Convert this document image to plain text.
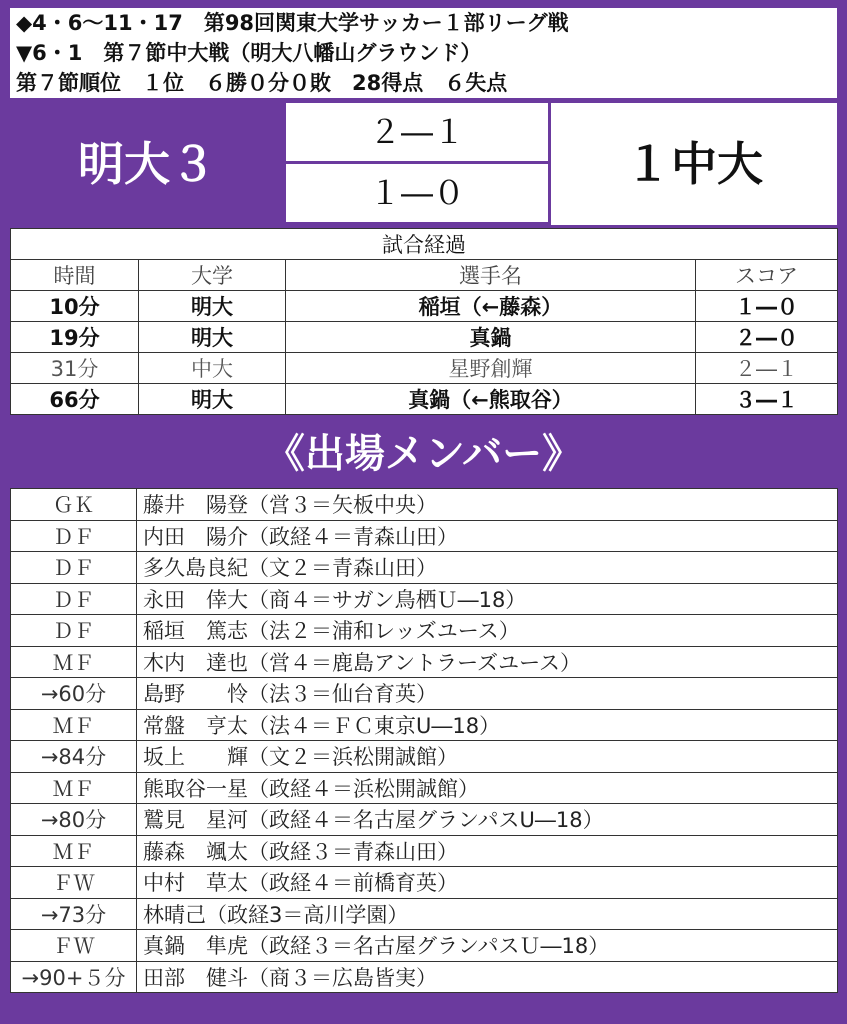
◆4・6〜11・17　第98回関東大学サッカー１部リーグ戦
▼6・1　第７節中大戦（明大八幡山グラウンド）
第７節順位　１位　６勝０分０敗　28得点　６失点
明大３
２―１
１―０
１中大
試合経過			
時間	大学	選手名	スコア
10分	明大	稲垣（←藤森）	１―０
19分	明大	真鍋	２―０
31分	中大	星野創輝	２―１
66分	明大	真鍋（←熊取谷）	３―１
《出場メンバー》
ＧＫ	藤井　陽登（営３＝矢板中央）
ＤＦ	内田　陽介（政経４＝青森山田）
ＤＦ	多久島良紀（文２＝青森山田）
ＤＦ	永田　倖大（商４＝サガン鳥栖Ｕ―18）
ＤＦ	稲垣　篤志（法２＝浦和レッズユース）
ＭＦ	木内　達也（営４＝鹿島アントラーズユース）
→60分	島野　　怜（法３＝仙台育英）
ＭＦ	常盤　亨太（法４＝ＦＣ東京U―18）
→84分	坂上　　輝（文２＝浜松開誠館）
ＭＦ	熊取谷一星（政経４＝浜松開誠館）
→80分	鷲見　星河（政経４＝名古屋グランパスU―18）
ＭＦ	藤森　颯太（政経３＝青森山田）
ＦＷ	中村　草太（政経４＝前橋育英）
→73分	林晴己（政経3＝高川学園）
ＦＷ	真鍋　隼虎（政経３＝名古屋グランパスＵ―18）
→90+５分	田部　健斗（商３＝広島皆実）
